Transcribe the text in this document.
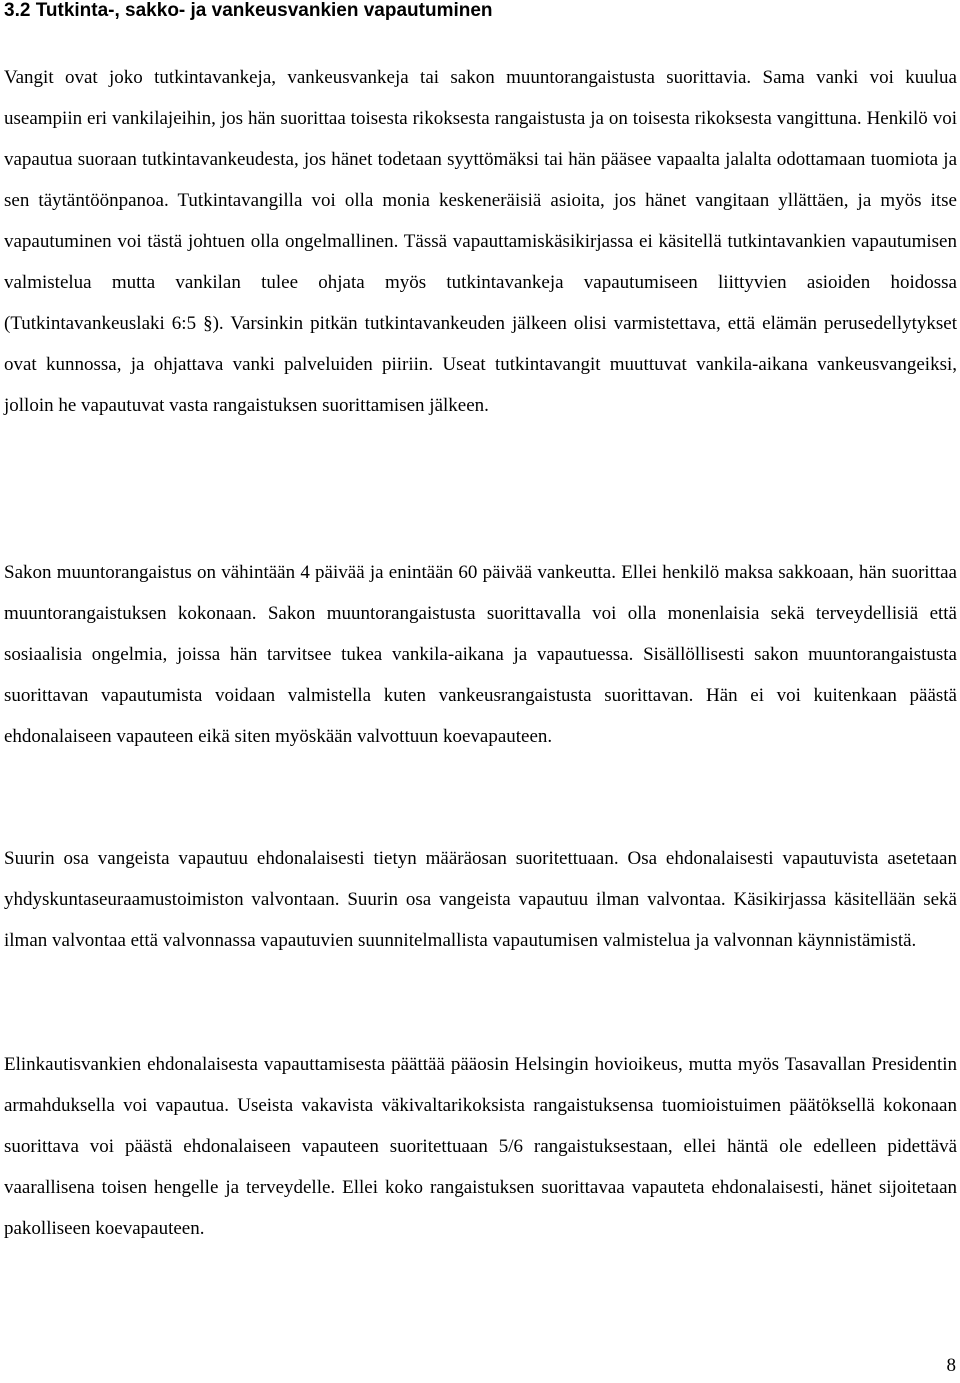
3.2 Tutkinta-, sakko- ja vankeusvankien vapautuminen

Vangit ovat joko tutkintavankeja, vankeusvankeja tai sakon muuntorangaistusta suorittavia. Sama vanki voi kuulua useampiin eri vankilajeihin, jos hän suorittaa toisesta rikoksesta rangaistusta ja on toisesta rikoksesta vangittuna. Henkilö voi vapautua suoraan tutkintavankeudesta, jos hänet todetaan syyttömäksi tai hän pääsee vapaalta jalalta odottamaan tuomiota ja sen täytäntöönpanoa. Tutkintavangilla voi olla monia keskeneräisiä asioita, jos hänet vangitaan yllättäen, ja myös itse vapautuminen voi tästä johtuen olla ongelmallinen. Tässä vapauttamiskäsikirjassa ei käsitellä tutkintavankien vapautumisen valmistelua mutta vankilan tulee ohjata myös tutkintavankeja vapautumiseen liittyvien asioiden hoidossa (Tutkintavankeuslaki 6:5 §). Varsinkin pitkän tutkintavankeuden jälkeen olisi varmistettava, että elämän perusedellytykset ovat kunnossa, ja ohjattava vanki palveluiden piiriin. Useat tutkintavangit muuttuvat vankila-aikana vankeusvangeiksi, jolloin he vapautuvat vasta rangaistuksen suorittamisen jälkeen.

Sakon muuntorangaistus on vähintään 4 päivää ja enintään 60 päivää vankeutta. Ellei henkilö maksa sakkoaan, hän suorittaa muuntorangaistuksen kokonaan. Sakon muuntorangaistusta suorittavalla voi olla monenlaisia sekä terveydellisiä että sosiaalisia ongelmia, joissa hän tarvitsee tukea vankila-aikana ja vapautuessa. Sisällöllisesti sakon muuntorangaistusta suorittavan vapautumista voidaan valmistella kuten vankeusrangaistusta suorittavan. Hän ei voi kuitenkaan päästä ehdonalaiseen vapauteen eikä siten myöskään valvottuun koevapauteen.

Suurin osa vangeista vapautuu ehdonalaisesti tietyn määräosan suoritettuaan. Osa ehdonalaisesti vapautuvista asetetaan yhdyskuntaseuraamustoimiston valvontaan. Suurin osa vangeista vapautuu ilman valvontaa. Käsikirjassa käsitellään sekä ilman valvontaa että valvonnassa vapautuvien suunnitelmallista vapautumisen valmistelua ja valvonnan käynnistämistä.

Elinkautisvankien ehdonalaisesta vapauttamisesta päättää pääosin Helsingin hovioikeus, mutta myös Tasavallan Presidentin armahduksella voi vapautua. Useista vakavista väkivaltarikoksista rangaistuksensa tuomioistuimen päätöksellä kokonaan suorittava voi päästä ehdonalaiseen vapauteen suoritettuaan 5/6 rangaistuksestaan, ellei häntä ole edelleen pidettävä vaarallisena toisen hengelle ja terveydelle. Ellei koko rangaistuksen suorittavaa vapauteta ehdonalaisesti, hänet sijoitetaan pakolliseen koevapauteen.

8
